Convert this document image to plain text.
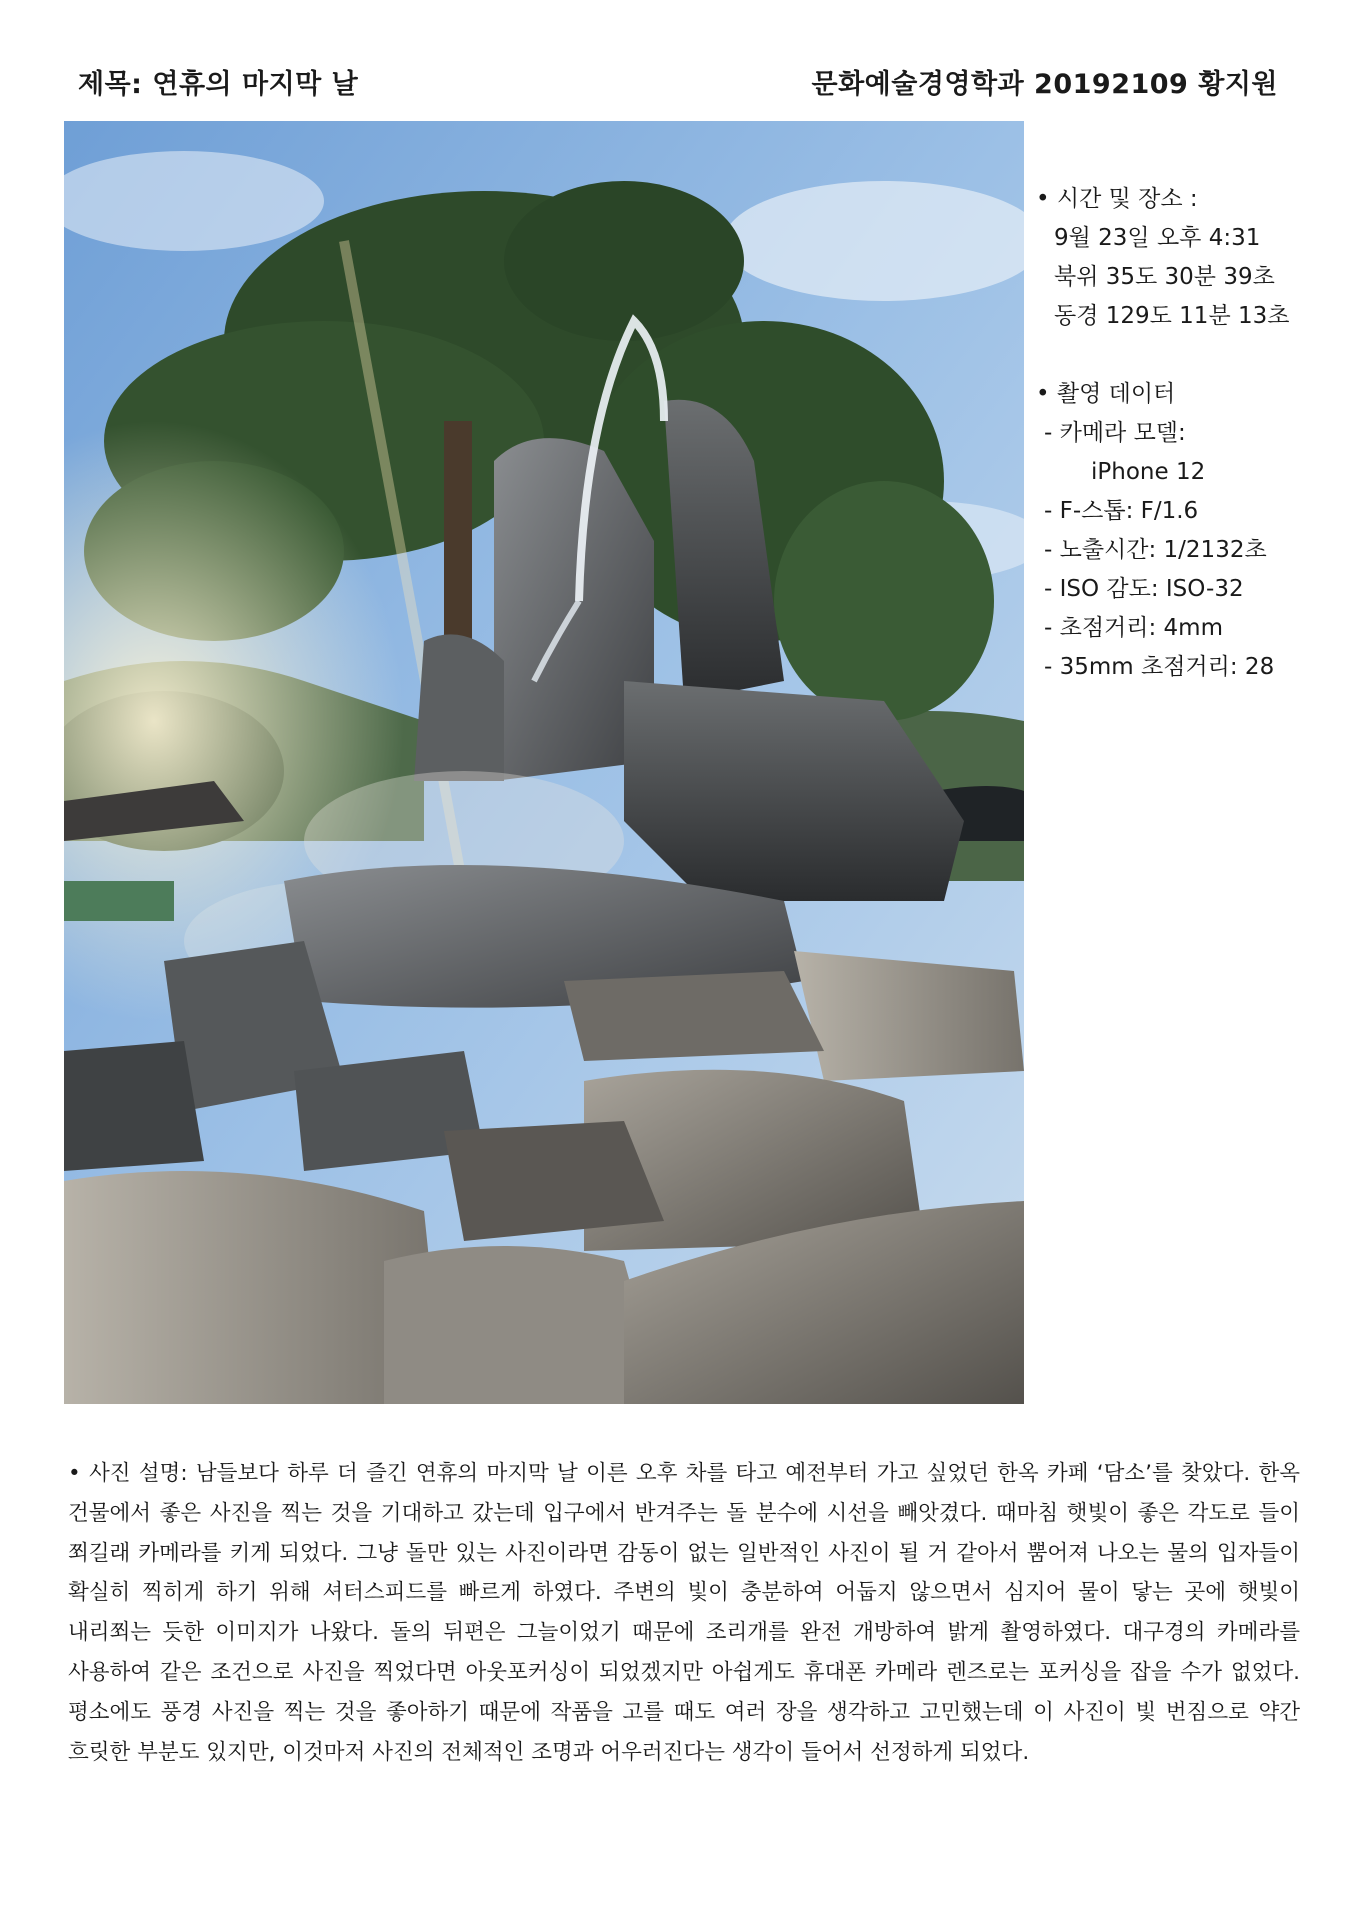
제목: 연휴의 마지막 날	문화예술경영학과 20192109 황지원
• 시간 및 장소 :
9월 23일 오후 4:31
북위 35도 30분 39초
동경 129도 11분 13초
• 촬영 데이터
- 카메라 모델:
iPhone 12
- F-스톱: F/1.6
- 노출시간: 1/2132초
- ISO 감도: ISO-32
- 초점거리: 4mm
- 35mm 초점거리: 28
• 사진 설명: 남들보다 하루 더 즐긴 연휴의 마지막 날 이른 오후 차를 타고 예전부터 가고 싶었던 한옥 카페 ‘담소’를 찾았다. 한옥 건물에서 좋은 사진을 찍는 것을 기대하고 갔는데 입구에서 반겨주는 돌 분수에 시선을 빼앗겼다. 때마침 햇빛이 좋은 각도로 들이 쬐길래 카메라를 키게 되었다. 그냥 돌만 있는 사진이라면 감동이 없는 일반적인 사진이 될 거 같아서 뿜어져 나오는 물의 입자들이 확실히 찍히게 하기 위해 셔터스피드를 빠르게 하였다. 주변의 빛이 충분하여 어둡지 않으면서 심지어 물이 닿는 곳에 햇빛이 내리쬐는 듯한 이미지가 나왔다. 돌의 뒤편은 그늘이었기 때문에 조리개를 완전 개방하여 밝게 촬영하였다. 대구경의 카메라를 사용하여 같은 조건으로 사진을 찍었다면 아웃포커싱이 되었겠지만 아쉽게도 휴대폰 카메라 렌즈로는 포커싱을 잡을 수가 없었다. 평소에도 풍경 사진을 찍는 것을 좋아하기 때문에 작품을 고를 때도 여러 장을 생각하고 고민했는데 이 사진이 빛 번짐으로 약간 흐릿한 부분도 있지만, 이것마저 사진의 전체적인 조명과 어우러진다는 생각이 들어서 선정하게 되었다.
